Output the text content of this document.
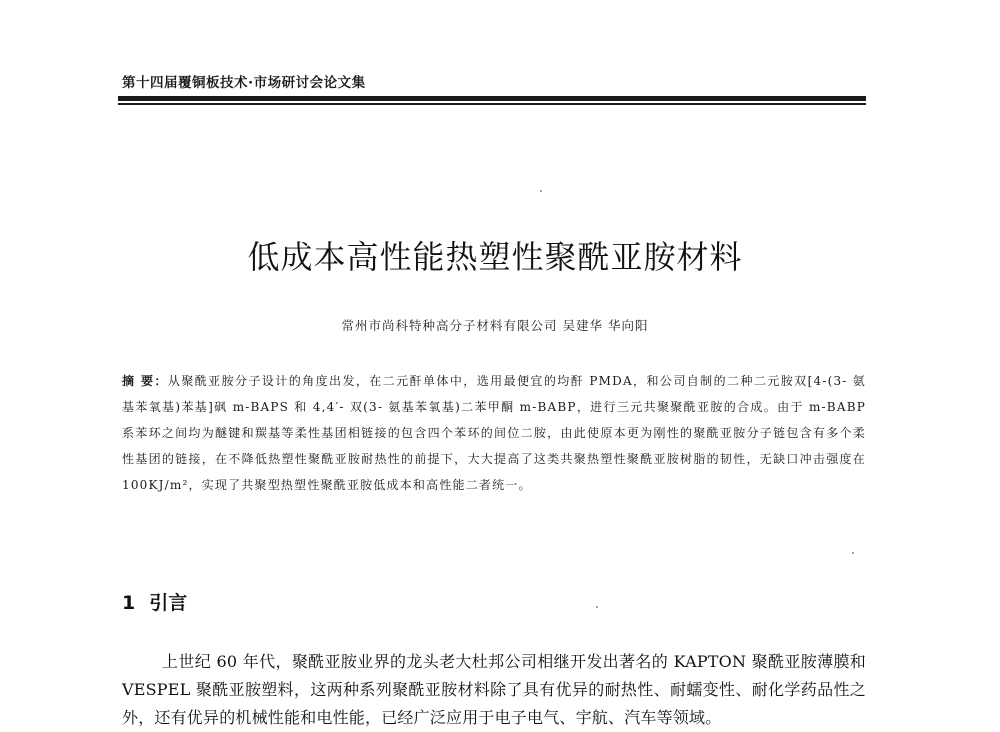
第十四届覆铜板技术·市场研讨会论文集
低成本高性能热塑性聚酰亚胺材料
常州市尚科特种高分子材料有限公司 吴建华 华向阳
摘 要：从聚酰亚胺分子设计的角度出发，在二元酐单体中，选用最便宜的均酐 PMDA，和公司自制的二种二元胺双[4-(3- 氨基苯氧基)苯基]砜 m-BAPS 和 4,4′- 双(3- 氨基苯氧基)二苯甲酮 m-BABP，进行三元共聚聚酰亚胺的合成。由于 m-BABP 系苯环之间均为醚键和羰基等柔性基团相链接的包含四个苯环的间位二胺，由此使原本更为刚性的聚酰亚胺分子链包含有多个柔性基团的链接，在不降低热塑性聚酰亚胺耐热性的前提下，大大提高了这类共聚热塑性聚酰亚胺树脂的韧性，无缺口冲击强度在 100KJ/m²，实现了共聚型热塑性聚酰亚胺低成本和高性能二者统一。
1 引言

上世纪 60 年代，聚酰亚胺业界的龙头老大杜邦公司相继开发出著名的 KAPTON 聚酰亚胺薄膜和 VESPEL 聚酰亚胺塑料，这两种系列聚酰亚胺材料除了具有优异的耐热性、耐蠕变性、耐化学药品性之外，还有优异的机械性能和电性能，已经广泛应用于电子电气、宇航、汽车等领域。
